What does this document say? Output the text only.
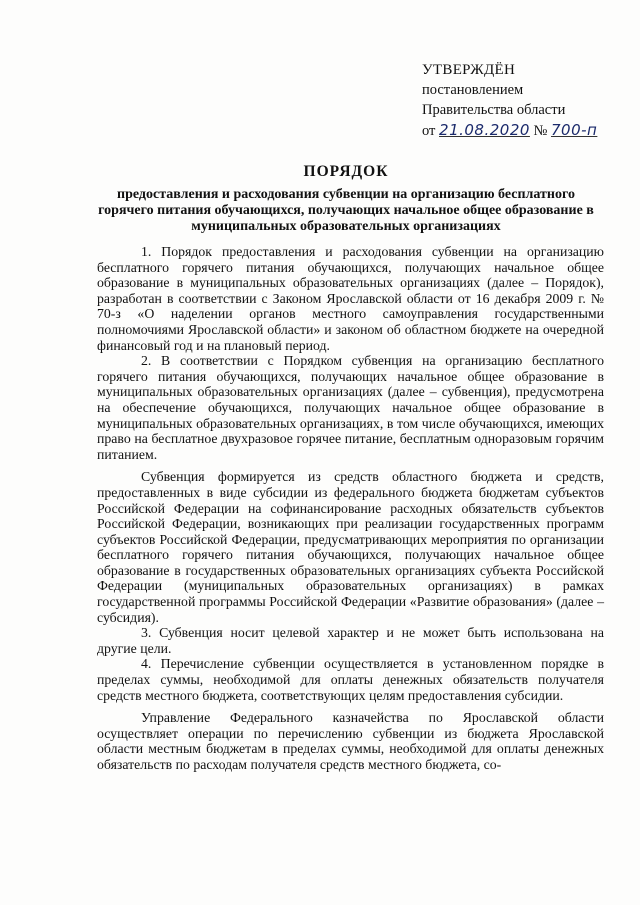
УТВЕРЖДЁН
постановлением
Правительства области
от 21.08.2020 № 700-п
ПОРЯДОК
предоставления и расходования субвенции на организацию бесплатного горячего питания обучающихся, получающих начальное общее образование в муниципальных образовательных организациях

1. Порядок предоставления и расходования субвенции на организацию бесплатного горячего питания обучающихся, получающих начальное общее образование в муниципальных образовательных организациях (далее – Порядок), разработан в соответствии с Законом Ярославской области от 16 декабря 2009 г. № 70-з «О наделении органов местного самоуправления государственными полномочиями Ярославской области» и законом об областном бюджете на очередной финансовый год и на плановый период.

2. В соответствии с Порядком субвенция на организацию бесплатного горячего питания обучающихся, получающих начальное общее образование в муниципальных образовательных организациях (далее – субвенция), предусмотрена на обеспечение обучающихся, получающих начальное общее образование в муниципальных образовательных организациях, в том числе обучающихся, имеющих право на бесплатное двухразовое горячее питание, бесплатным одноразовым горячим питанием.

Субвенция формируется из средств областного бюджета и средств, предоставленных в виде субсидии из федерального бюджета бюджетам субъектов Российской Федерации на софинансирование расходных обязательств субъектов Российской Федерации, возникающих при реализации государственных программ субъектов Российской Федерации, предусматривающих мероприятия по организации бесплатного горячего питания обучающихся, получающих начальное общее образование в государственных образовательных организациях субъекта Российской Федерации (муниципальных образовательных организациях) в рамках государственной программы Российской Федерации «Развитие образования» (далее – субсидия).

3. Субвенция носит целевой характер и не может быть использована на другие цели.

4. Перечисление субвенции осуществляется в установленном порядке в пределах суммы, необходимой для оплаты денежных обязательств получателя средств местного бюджета, соответствующих целям предоставления субсидии.

Управление Федерального казначейства по Ярославской области осуществляет операции по перечислению субвенции из бюджета Ярославской области местным бюджетам в пределах суммы, необходимой для оплаты денежных обязательств по расходам получателя средств местного бюджета, со-
